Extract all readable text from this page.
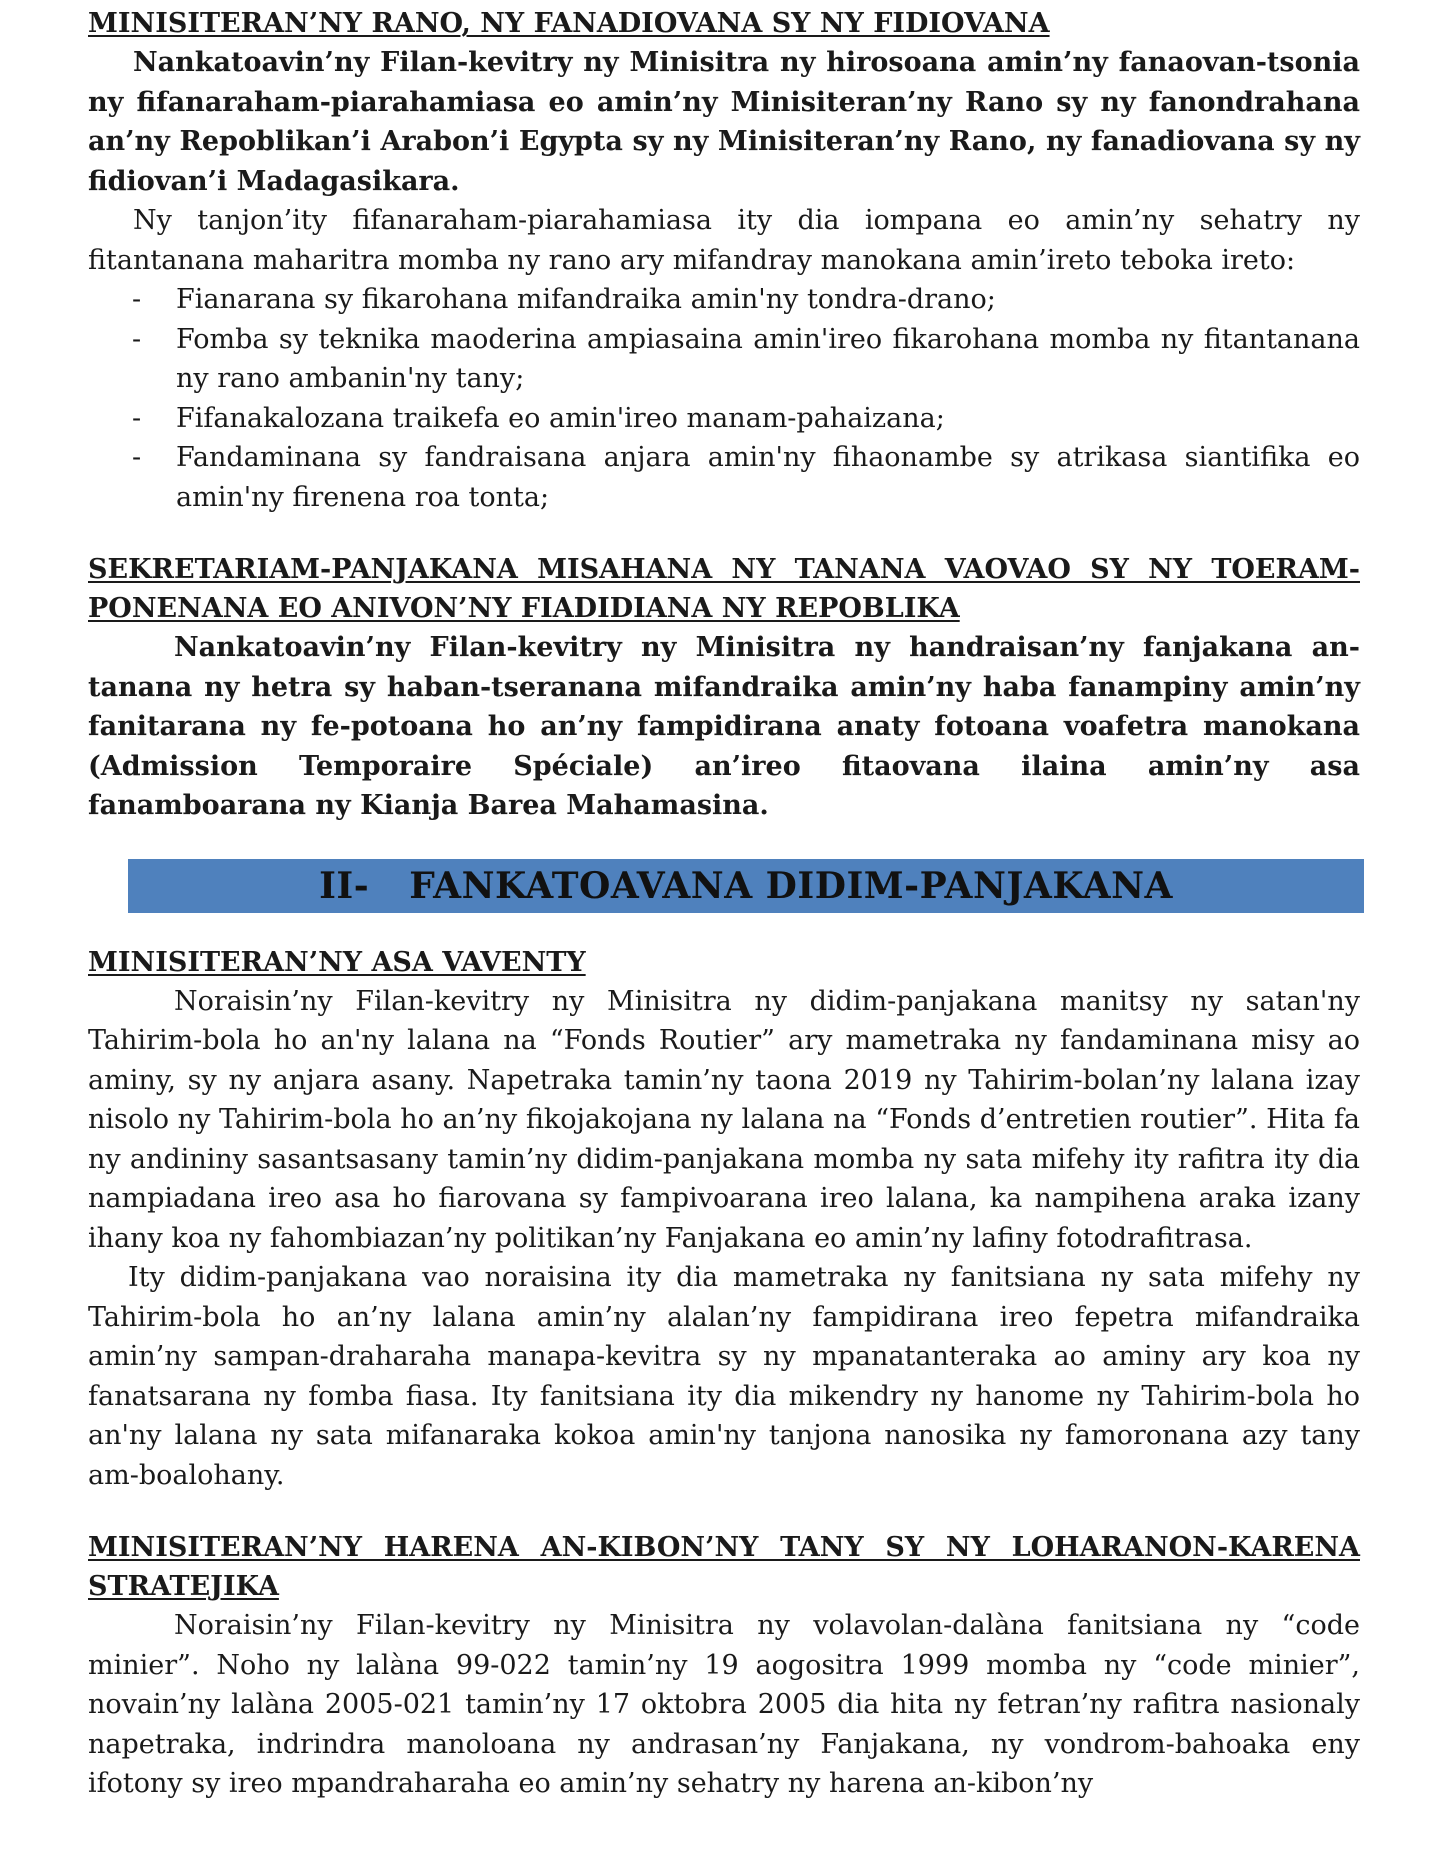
MINISITERAN’NY RANO, NY FANADIOVANA SY NY FIDIOVANA

Nankatoavin’ny Filan-kevitry ny Minisitra ny hirosoana amin’ny fanaovan-tsonia ny fifanaraham-piarahamiasa eo amin’ny Minisiteran’ny Rano sy ny fanondrahana an’ny Repoblikan’i Arabon’i Egypta sy ny Minisiteran’ny Rano, ny fanadiovana sy ny fidiovan’i Madagasikara.

Ny tanjon’ity fifanaraham-piarahamiasa ity dia iompana eo amin’ny sehatry ny fitantanana maharitra momba ny rano ary mifandray manokana amin’ireto teboka ireto:

- Fianarana sy fikarohana mifandraika amin'ny tondra-drano;
- Fomba sy teknika maoderina ampiasaina amin'ireo fikarohana momba ny fitantanana ny rano ambanin'ny tany;
- Fifanakalozana traikefa eo amin'ireo manam-pahaizana;
- Fandaminana sy fandraisana anjara amin'ny fihaonambe sy atrikasa siantifika eo amin'ny firenena roa tonta;
SEKRETARIAM-PANJAKANA MISAHANA NY TANANA VAOVAO SY NY TOERAM-PONENANA EO ANIVON’NY FIADIDIANA NY REPOBLIKA

Nankatoavin’ny Filan-kevitry ny Minisitra ny handraisan’ny fanjakana an-tanana ny hetra sy haban-tseranana mifandraika amin’ny haba fanampiny amin’ny fanitarana ny fe-potoana ho an’ny fampidirana anaty fotoana voafetra manokana (Admission Temporaire Spéciale) an’ireo fitaovana ilaina amin’ny asa fanamboarana ny Kianja Barea Mahamasina.

II- FANKATOAVANA DIDIM-PANJAKANA
MINISITERAN’NY ASA VAVENTY

Noraisin’ny Filan-kevitry ny Minisitra ny didim-panjakana manitsy ny satan'ny Tahirim-bola ho an'ny lalana na “Fonds Routier” ary mametraka ny fandaminana misy ao aminy, sy ny anjara asany. Napetraka tamin’ny taona 2019 ny Tahirim-bolan’ny lalana izay nisolo ny Tahirim-bola ho an’ny fikojakojana ny lalana na “Fonds d’entretien routier”. Hita fa ny andininy sasantsasany tamin’ny didim-panjakana momba ny sata mifehy ity rafitra ity dia nampiadana ireo asa ho fiarovana sy fampivoarana ireo lalana, ka nampihena araka izany ihany koa ny fahombiazan’ny politikan’ny Fanjakana eo amin’ny lafiny fotodrafitrasa.

Ity didim-panjakana vao noraisina ity dia mametraka ny fanitsiana ny sata mifehy ny Tahirim-bola ho an’ny lalana amin’ny alalan’ny fampidirana ireo fepetra mifandraika amin’ny sampan-draharaha manapa-kevitra sy ny mpanatanteraka ao aminy ary koa ny fanatsarana ny fomba fiasa. Ity fanitsiana ity dia mikendry ny hanome ny Tahirim-bola ho an'ny lalana ny sata mifanaraka kokoa amin'ny tanjona nanosika ny famoronana azy tany am-boalohany.

MINISITERAN’NY HARENA AN-KIBON’NY TANY SY NY LOHARANON-KARENA STRATEJIKA

Noraisin’ny Filan-kevitry ny Minisitra ny volavolan-dalàna fanitsiana ny “code minier”. Noho ny lalàna 99-022 tamin’ny 19 aogositra 1999 momba ny “code minier”, novain’ny lalàna 2005-021 tamin’ny 17 oktobra 2005 dia hita ny fetran’ny rafitra nasionaly napetraka, indrindra manoloana ny andrasan’ny Fanjakana, ny vondrom-bahoaka eny ifotony sy ireo mpandraharaha eo amin’ny sehatry ny harena an-kibon’ny
